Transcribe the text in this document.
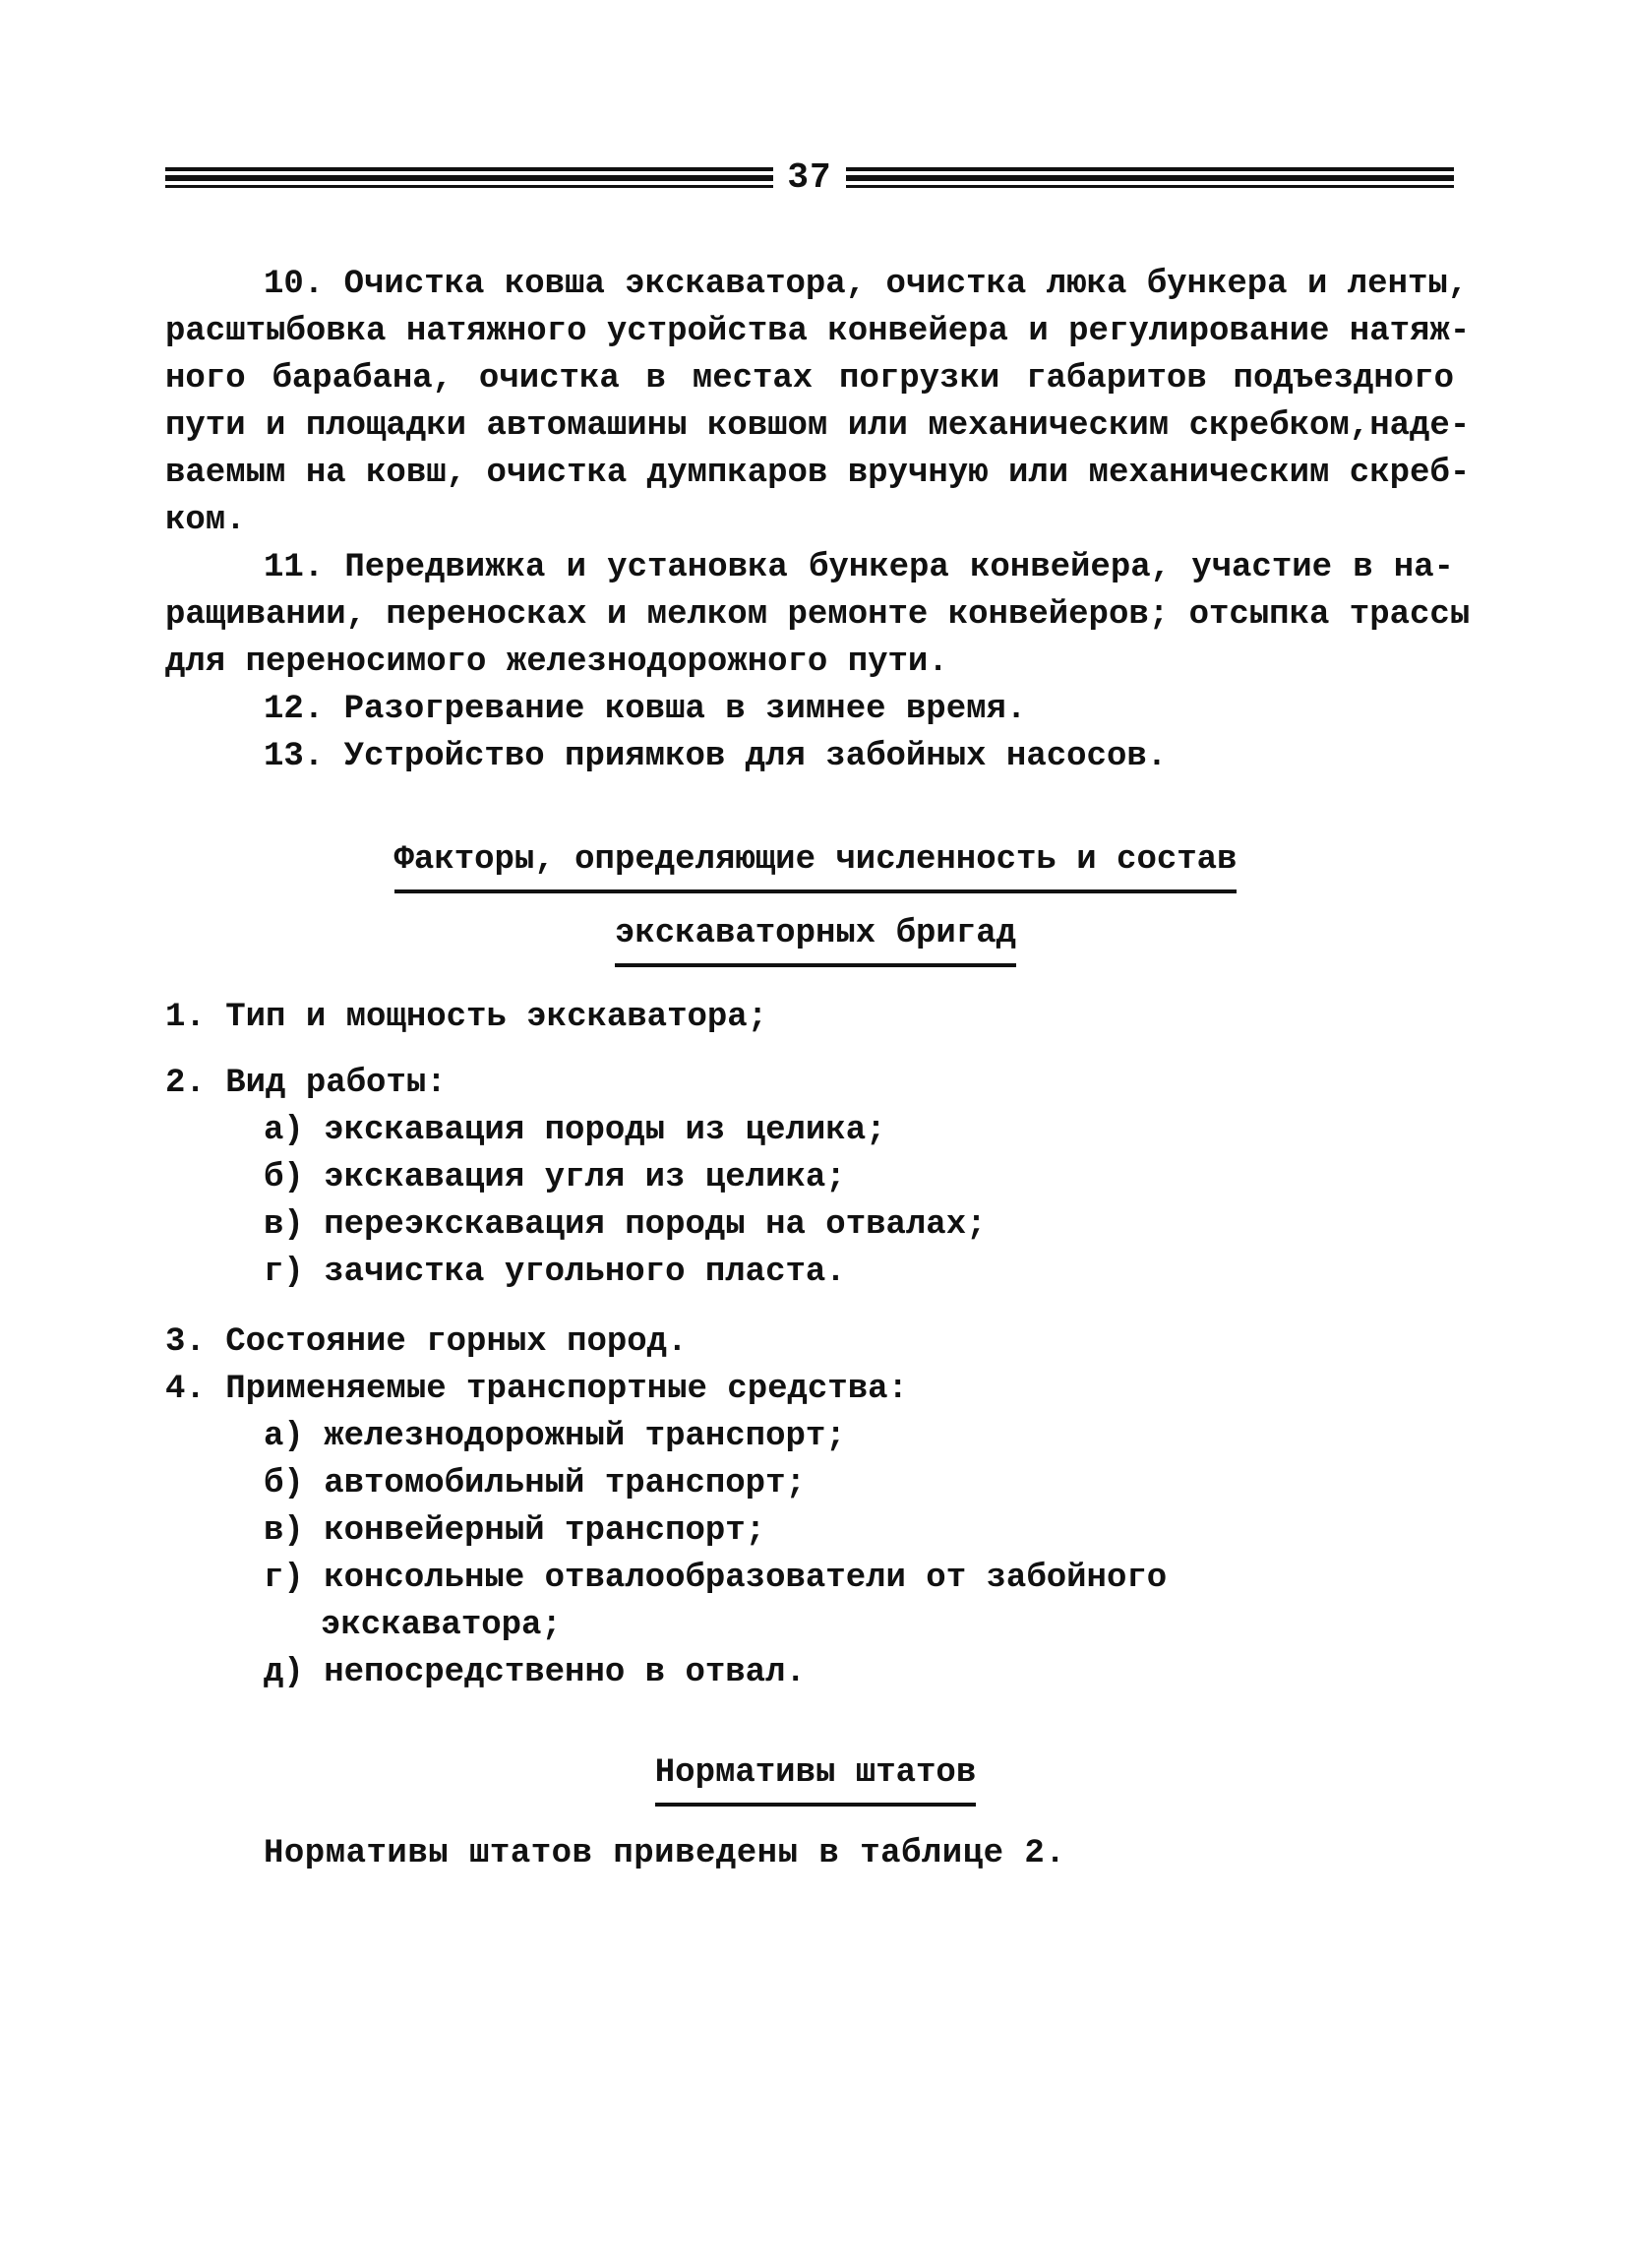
37
10. Очистка ковша экскаватора, очистка люка бункера и ленты,
расштыбовка натяжного устройства конвейера и регулирование натяж-
ного барабана, очистка в местах погрузки габаритов подъездного
пути и площадки автомашины ковшом или механическим скребком,наде-
ваемым на ковш, очистка думпкаров вручную или механическим скреб-
ком.
11. Передвижка и установка бункера конвейера, участие в на-
ращивании, переносках и мелком ремонте конвейеров; отсыпка трассы
для переносимого железнодорожного пути.
12. Разогревание ковша в зимнее время.
13. Устройство приямков для забойных насосов.
Факторы, определяющие численность и состав
экскаваторных бригад
1. Тип и мощность экскаватора;
2. Вид работы:
а) экскавация породы из целика;
б) экскавация угля из целика;
в) переэкскавация породы на отвалах;
г) зачистка угольного пласта.
3. Состояние горных пород.
4. Применяемые транспортные средства:
а) железнодорожный транспорт;
б) автомобильный транспорт;
в) конвейерный транспорт;
г) консольные отвалообразователи от забойного
экскаватора;
д) непосредственно в отвал.
Нормативы штатов
Нормативы штатов приведены в таблице 2.
